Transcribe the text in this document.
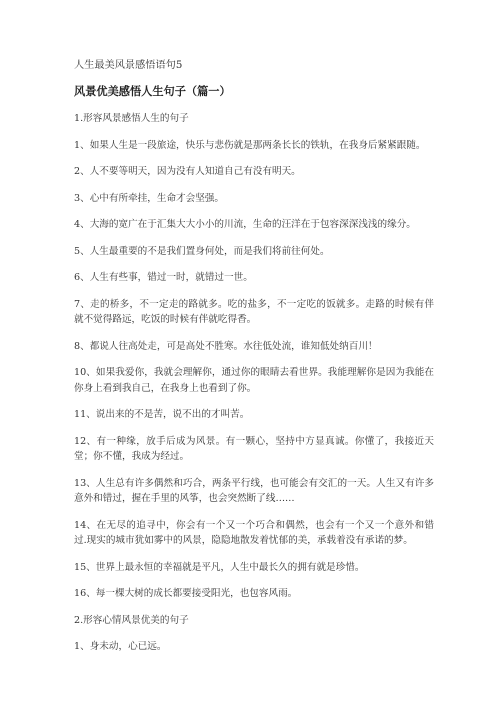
人生最美风景感悟语句5
风景优美感悟人生句子（篇一）
1.形容风景感悟人生的句子

1、如果人生是一段旅途，快乐与悲伤就是那两条长长的铁轨，在我身后紧紧跟随。

2、人不要等明天，因为没有人知道自己有没有明天。

3、心中有所牵挂，生命才会坚强。

4、大海的宽广在于汇集大大小小的川流，生命的汪洋在于包容深深浅浅的缘分。

5、人生最重要的不是我们置身何处，而是我们将前往何处。

6、人生有些事，错过一时，就错过一世。

7、走的桥多，不一定走的路就多。吃的盐多，不一定吃的饭就多。走路的时候有伴就不觉得路远，吃饭的时候有伴就吃得香。

8、都说人往高处走，可是高处不胜寒。水往低处流，谁知低处纳百川！

10、如果我爱你，我就会理解你，通过你的眼睛去看世界。我能理解你是因为我能在你身上看到我自己，在我身上也看到了你。

11、说出来的不是苦，说不出的才叫苦。

12、有一种缘，放手后成为风景。有一颗心，坚持中方显真诚。你懂了，我接近天堂；你不懂，我成为经过。

13、人生总有许多偶然和巧合，两条平行线，也可能会有交汇的一天。人生又有许多意外和错过，握在手里的风筝，也会突然断了线……

14、在无尽的追寻中，你会有一个又一个巧合和偶然，也会有一个又一个意外和错过.现实的城市犹如雾中的风景，隐隐地散发着忧郁的美，承载着没有承诺的梦。

15、世界上最永恒的幸福就是平凡，人生中最长久的拥有就是珍惜。

16、每一棵大树的成长都要接受阳光，也包容风雨。

2.形容心情风景优美的句子

1、身未动，心已远。
